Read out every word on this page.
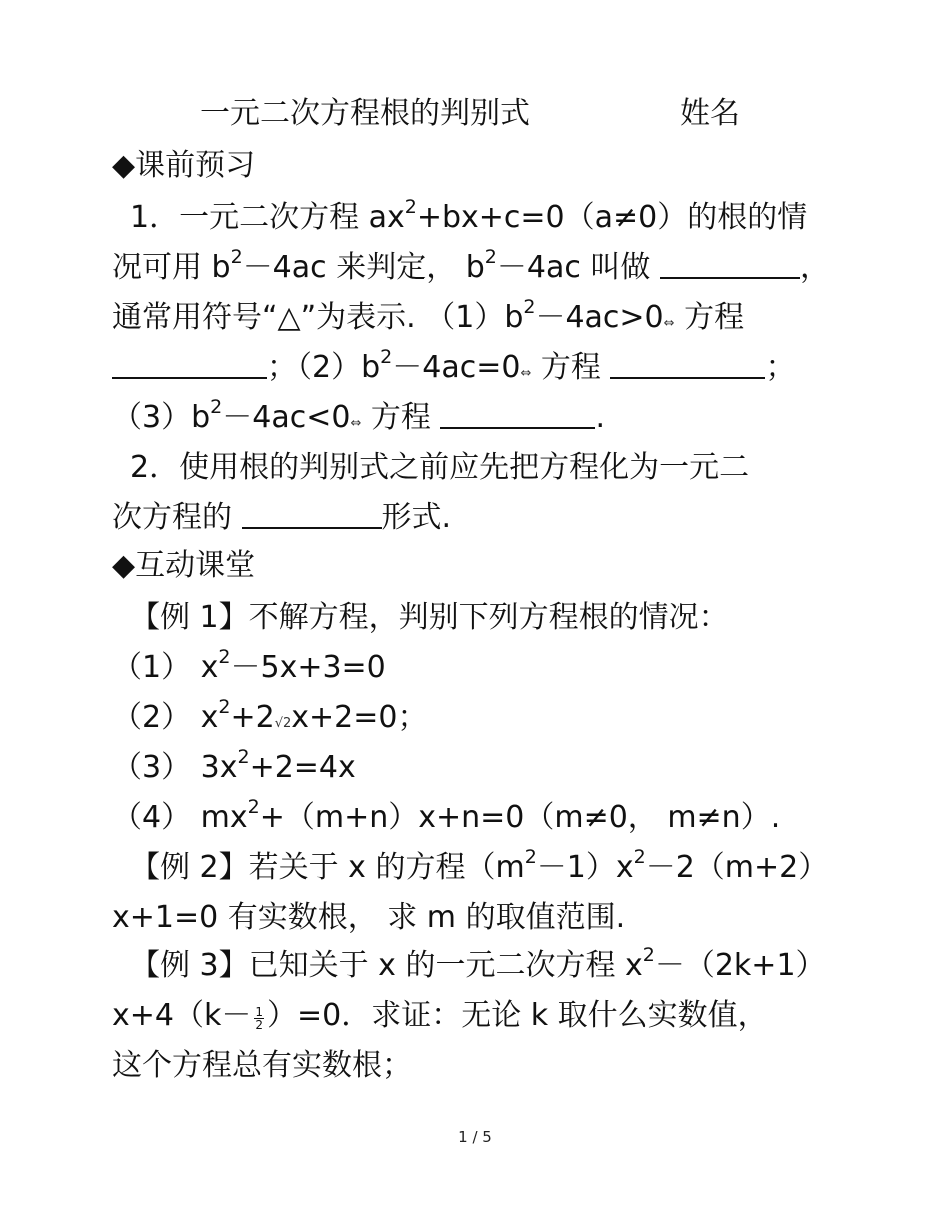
一元二次方程根的判别式	姓名
◆课前预习
1．一元二次方程 $ax^2+bx+c=0(a\ne 0)$的根的情
况可用 $b^2-4ac$ 来判定， $b^2-4ac$ 叫做	，
通常用符号“△”为表示. $(1)b^2-4ac>0\Leftrightarrow$ 方程
；$(2)b^2-4ac=0\Leftrightarrow$ 方程	；
$(3)b^2-4ac<0\Leftrightarrow$ 方程	.
2．使用根的判别式之前应先把方程化为一元二
次方程的	形式.
◆互动课堂
【例 1】不解方程，判别下列方程根的情况：
（1） $x^2-5x+3=0$
（2） $x^2+2√2x+2=0$；
（3） $3x^2+2=4x$
（4） $mx^2+(m+n)x+n=0(m\ne 0$， m≠n）.
【例 2】若关于 x 的方程$(m^2-1)x^2-2(m+2)$
x+1=0 有实数根， 求 m 的取值范围.
【例 3】已知关于 x 的一元二次方程 $x^2-(2k+1)$
$x+4(k- \frac{1}{2} )=0$．求证：无论 k 取什么实数值，
这个方程总有实数根；
1 / 5
